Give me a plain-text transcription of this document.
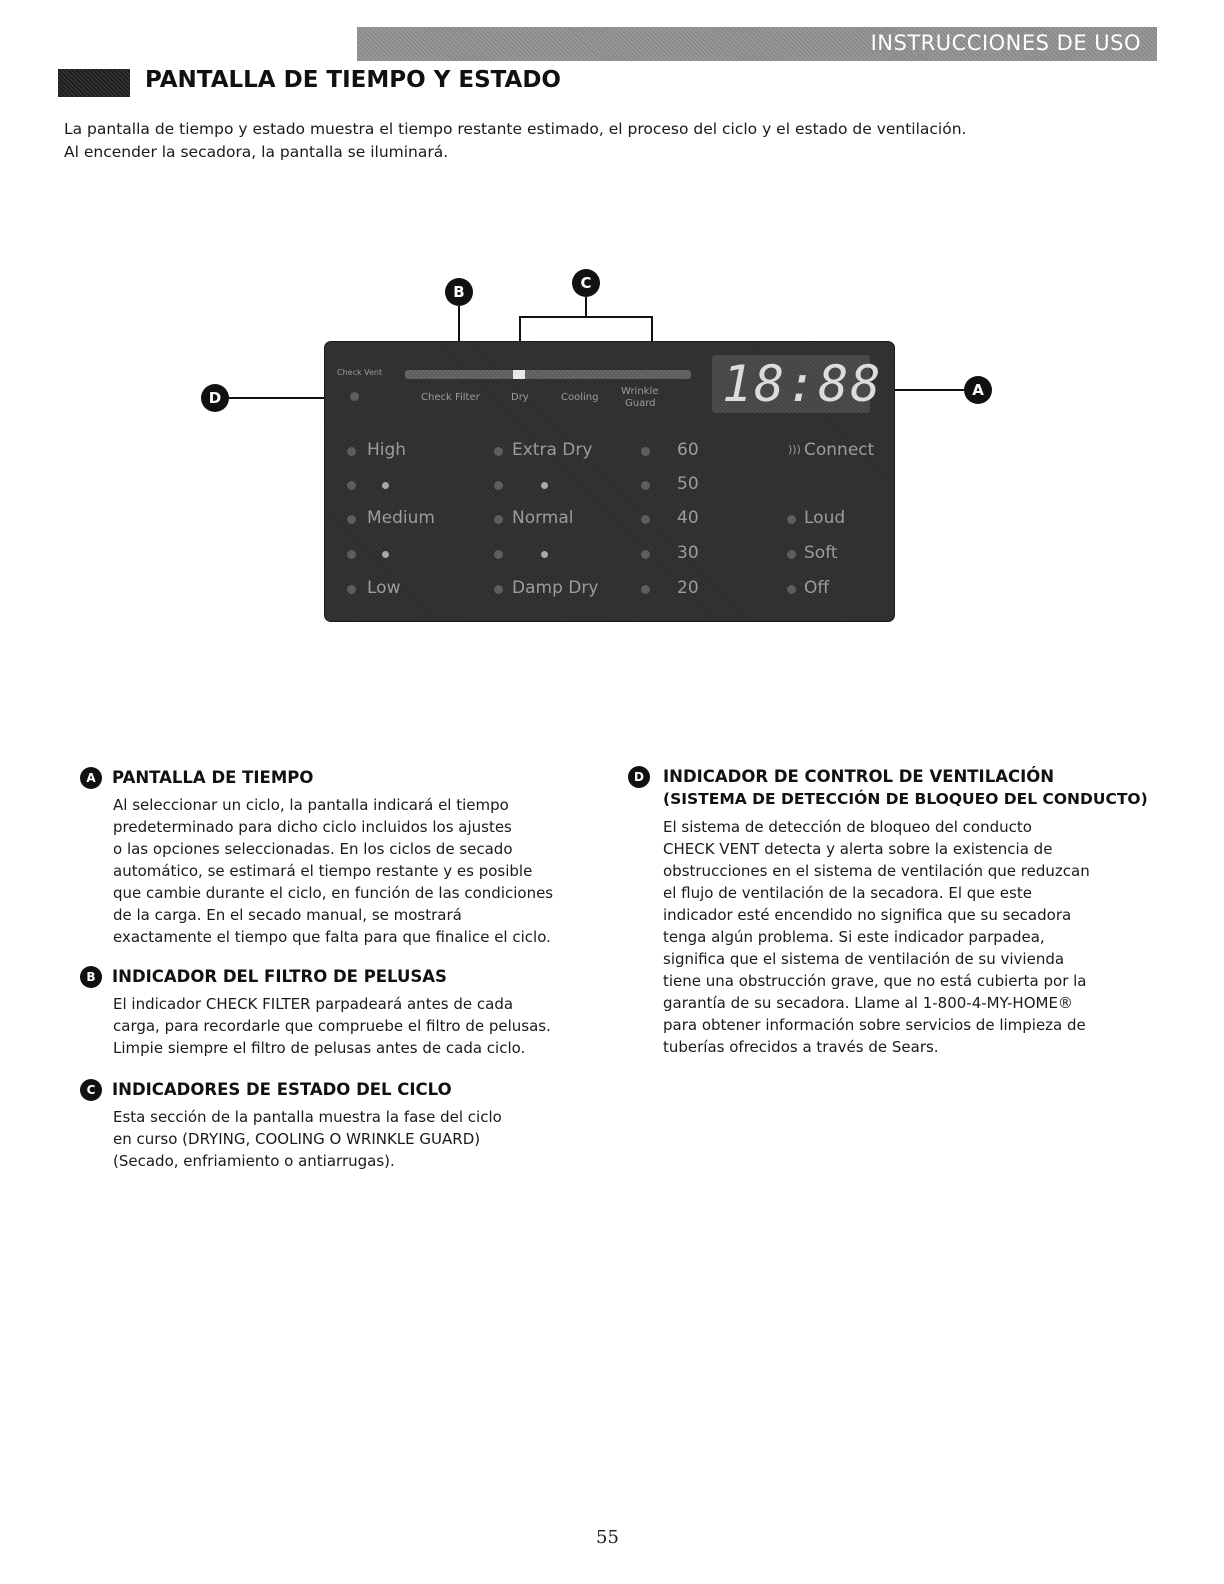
INSTRUCCIONES DE USO
PANTALLA DE TIEMPO Y ESTADO

La pantalla de tiempo y estado muestra el tiempo restante estimado, el proceso del ciclo y el estado de ventilación.

Al encender la secadora, la pantalla se iluminará.

B	C
D	A
Check Vent
Check Filter	Dry	Cooling
Wrinkle
Guard 18:88
High
Medium
Low
Extra Dry
Normal
Damp Dry
60
50
40
30
20
))) Connect
Loud
Soft
Off
A PANTALLA DE TIEMPO

Al seleccionar un ciclo, la pantalla indicará el tiempo

predeterminado para dicho ciclo incluidos los ajustes

o las opciones seleccionadas. En los ciclos de secado

automático, se estimará el tiempo restante y es posible

que cambie durante el ciclo, en función de las condiciones

de la carga. En el secado manual, se mostrará

exactamente el tiempo que falta para que finalice el ciclo.

B INDICADOR DEL FILTRO DE PELUSAS

El indicador CHECK FILTER parpadeará antes de cada

carga, para recordarle que compruebe el filtro de pelusas.

Limpie siempre el filtro de pelusas antes de cada ciclo.

C	INDICADORES DE ESTADO DEL CICLO

Esta sección de la pantalla muestra la fase del ciclo

en curso (DRYING, COOLING O WRINKLE GUARD)

(Secado, enfriamiento o antiarrugas).

D	INDICADOR DE CONTROL DE VENTILACIÓN
(SISTEMA DE DETECCIÓN DE BLOQUEO DEL CONDUCTO)

El sistema de detección de bloqueo del conducto

CHECK VENT detecta y alerta sobre la existencia de

obstrucciones en el sistema de ventilación que reduzcan

el flujo de ventilación de la secadora. El que este

indicador esté encendido no significa que su secadora

tenga algún problema. Si este indicador parpadea,

significa que el sistema de ventilación de su vivienda

tiene una obstrucción grave, que no está cubierta por la

garantía de su secadora. Llame al 1-800-4-MY-HOME®

para obtener información sobre servicios de limpieza de

tuberías ofrecidos a través de Sears.

55
